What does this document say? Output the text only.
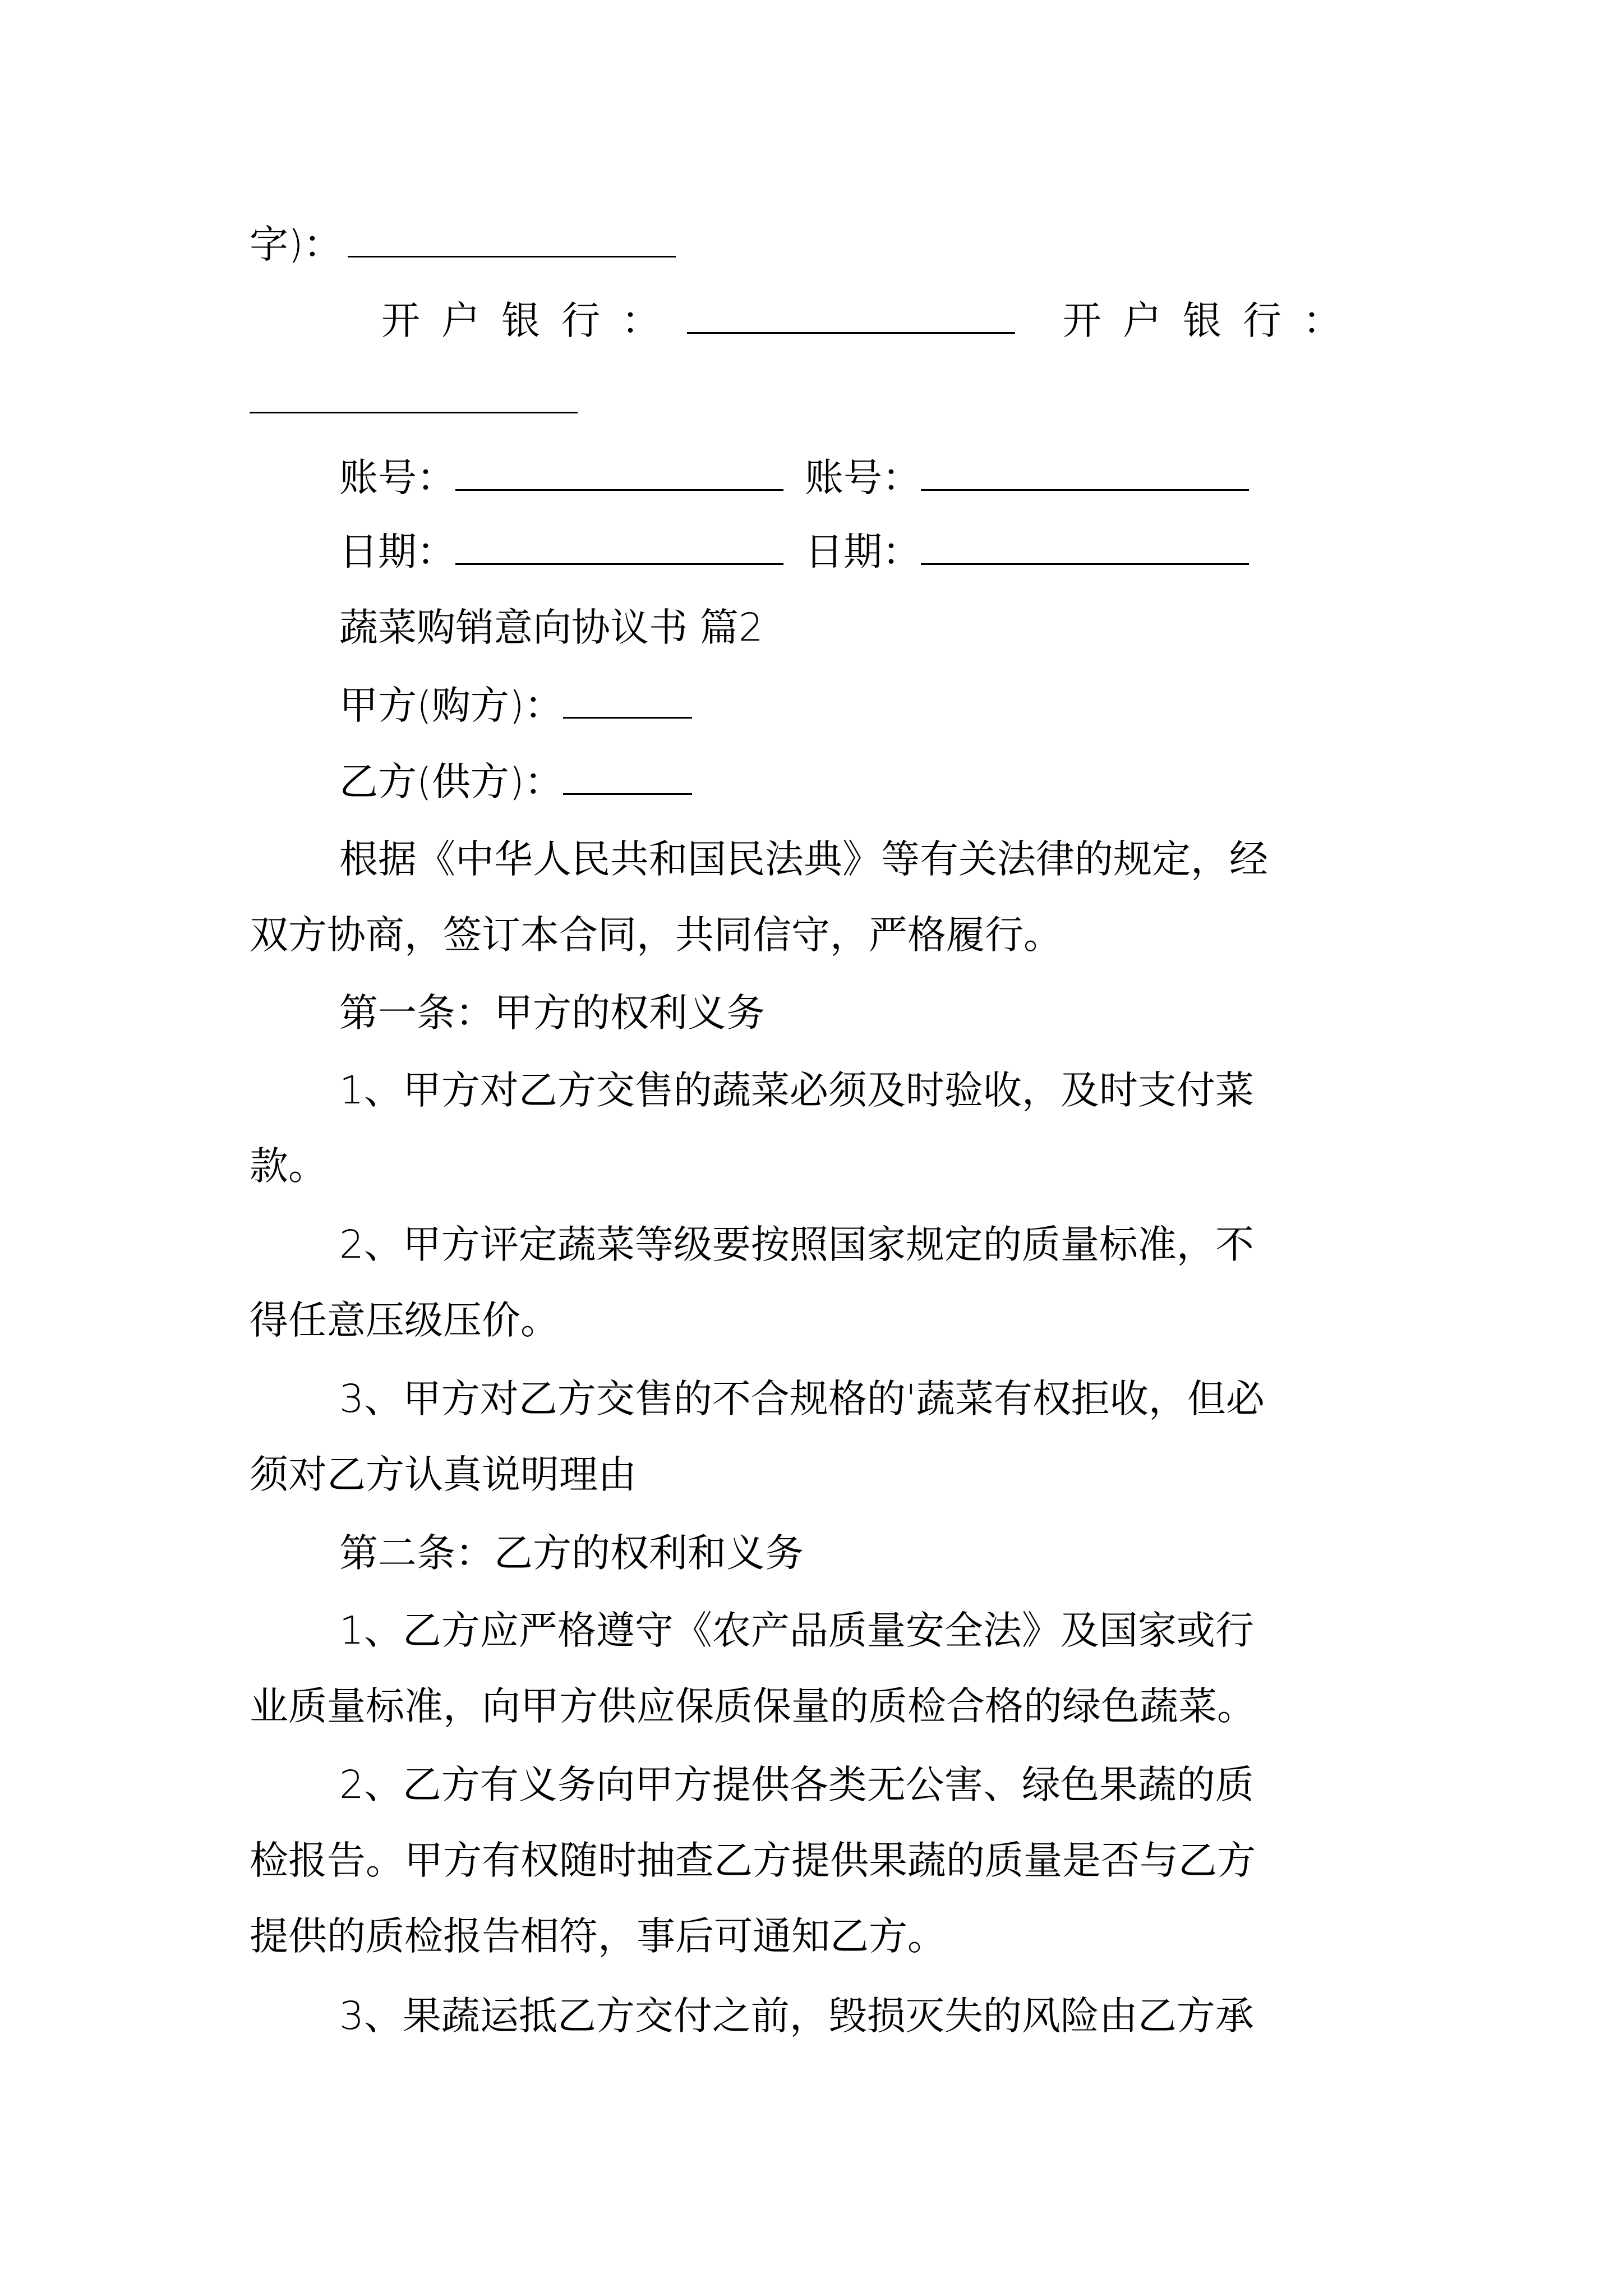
字)：
开户银行：	开户银行：
账号：	账号：
日期：	日期：
蔬菜购销意向协议书 篇2
甲方(购方)：
乙方(供方)：
根据《中华人民共和国民法典》等有关法律的规定，经
双方协商，签订本合同，共同信守，严格履行。
第一条：甲方的权利义务
1、甲方对乙方交售的蔬菜必须及时验收，及时支付菜
款。
2、甲方评定蔬菜等级要按照国家规定的质量标准，不
得任意压级压价。
3、甲方对乙方交售的不合规格的'蔬菜有权拒收，但必
须对乙方认真说明理由
第二条：乙方的权利和义务
1、乙方应严格遵守《农产品质量安全法》及国家或行
业质量标准，向甲方供应保质保量的质检合格的绿色蔬菜。
2、乙方有义务向甲方提供各类无公害、绿色果蔬的质
检报告。甲方有权随时抽查乙方提供果蔬的质量是否与乙方
提供的质检报告相符，事后可通知乙方。
3、果蔬运抵乙方交付之前，毁损灭失的风险由乙方承
